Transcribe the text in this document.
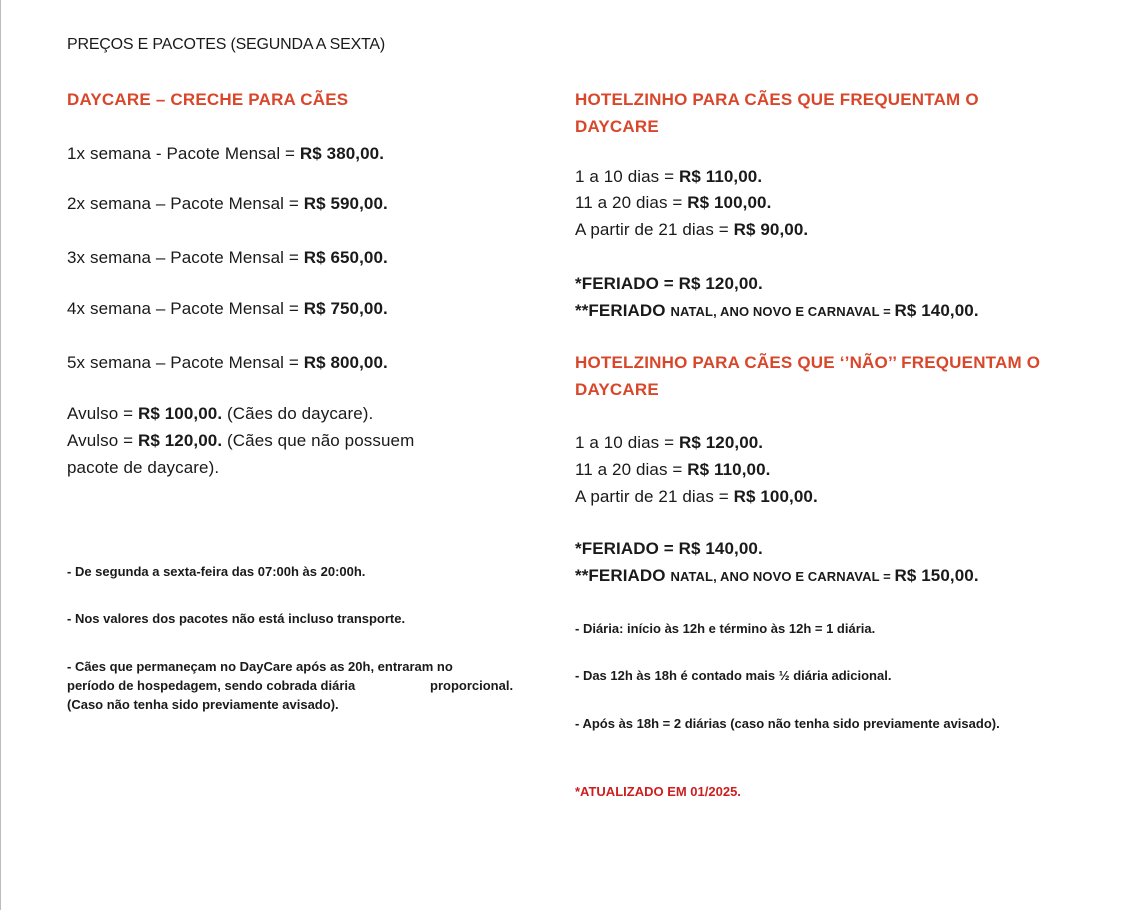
PREÇOS E PACOTES (SEGUNDA A SEXTA)
DAYCARE – CRECHE PARA CÃES
1x semana - Pacote Mensal = R$ 380,00.
2x semana – Pacote Mensal = R$ 590,00.
3x semana – Pacote Mensal = R$ 650,00.
4x semana – Pacote Mensal = R$ 750,00.
5x semana – Pacote Mensal = R$ 800,00.
Avulso = R$ 100,00. (Cães do daycare).
Avulso = R$ 120,00. (Cães que não possuem
pacote de daycare).
- De segunda a sexta-feira das 07:00h às 20:00h.
- Nos valores dos pacotes não está incluso transporte.
- Cães que permaneçam no DayCare após as 20h, entraram no
período de hospedagem, sendo cobrada diária	proporcional.
(Caso não tenha sido previamente avisado).
HOTELZINHO PARA CÃES QUE FREQUENTAM O
DAYCARE
1 a 10 dias = R$ 110,00.
11 a 20 dias = R$ 100,00.
A partir de 21 dias = R$ 90,00.
*FERIADO = R$ 120,00.
**FERIADO NATAL, ANO NOVO E CARNAVAL = R$ 140,00.
HOTELZINHO PARA CÃES QUE ‘’NÃO’’ FREQUENTAM O
DAYCARE
1 a 10 dias = R$ 120,00.
11 a 20 dias = R$ 110,00.
A partir de 21 dias = R$ 100,00.
*FERIADO = R$ 140,00.
**FERIADO NATAL, ANO NOVO E CARNAVAL = R$ 150,00.
- Diária: início às 12h e término às 12h = 1 diária.
- Das 12h às 18h é contado mais ½ diária adicional.
- Após às 18h = 2 diárias (caso não tenha sido previamente avisado).
*ATUALIZADO EM 01/2025.
